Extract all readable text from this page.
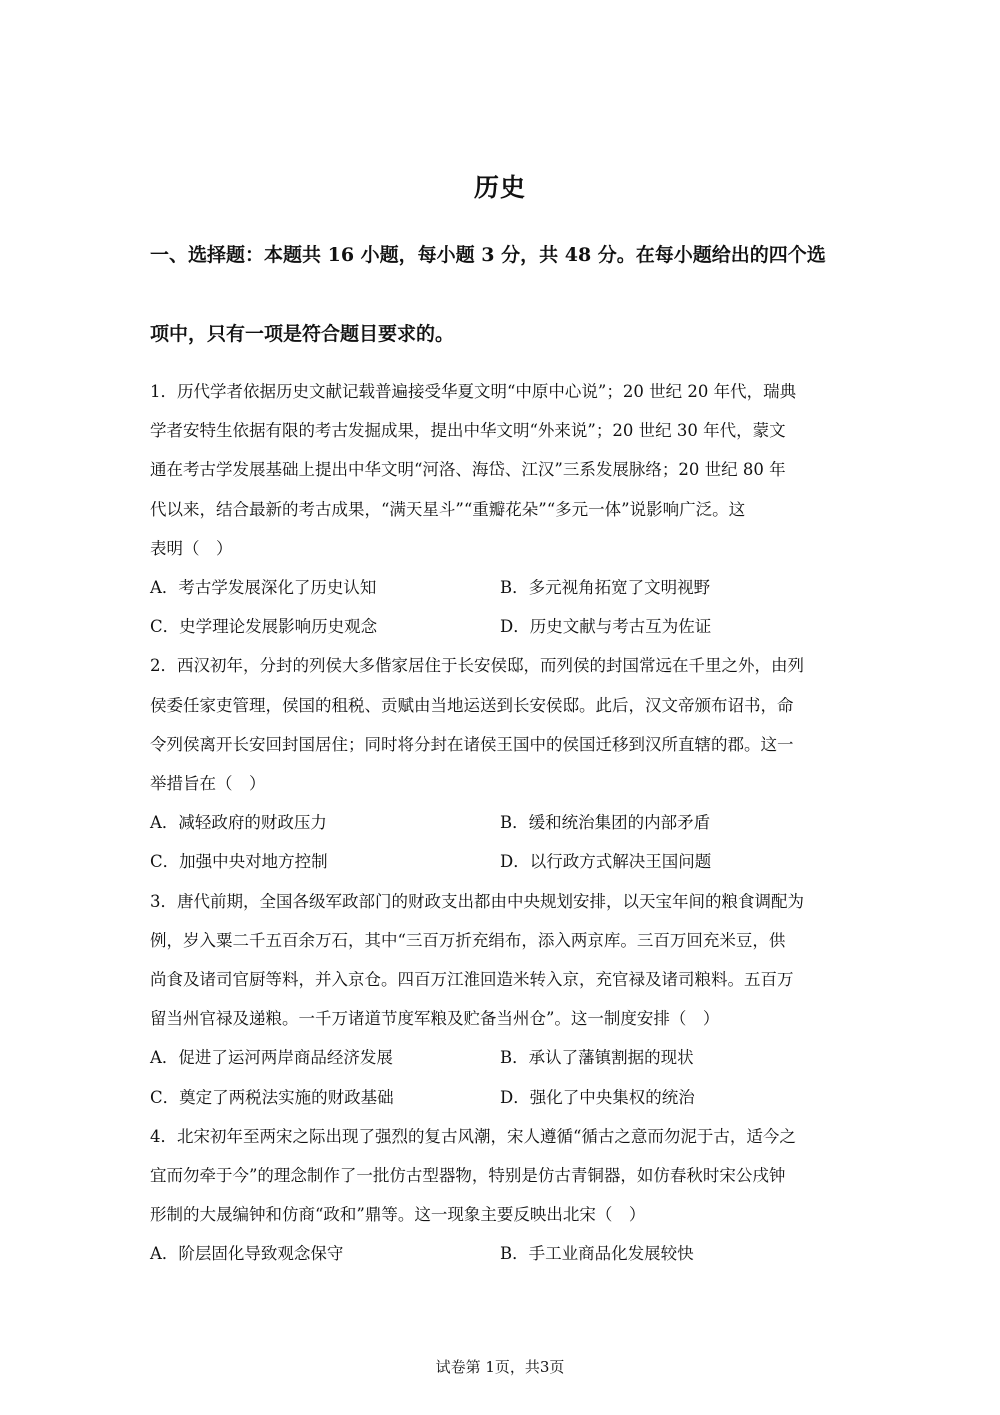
历史
一、选择题：本题共 16 小题，每小题 3 分，共 48 分。在每小题给出的四个选
项中，只有一项是符合题目要求的。
1．历代学者依据历史文献记载普遍接受华夏文明“中原中心说”；20 世纪 20 年代，瑞典
学者安特生依据有限的考古发掘成果，提出中华文明“外来说”；20 世纪 30 年代，蒙文
通在考古学发展基础上提出中华文明“河洛、海岱、江汉”三系发展脉络；20 世纪 80 年
代以来，结合最新的考古成果，“满天星斗”“重瓣花朵”“多元一体”说影响广泛。这
表明（　）
A．考古学发展深化了历史认知	B．多元视角拓宽了文明视野
C．史学理论发展影响历史观念	D．历史文献与考古互为佐证
2．西汉初年，分封的列侯大多偕家居住于长安侯邸，而列侯的封国常远在千里之外，由列
侯委任家吏管理，侯国的租税、贡赋由当地运送到长安侯邸。此后，汉文帝颁布诏书，命
令列侯离开长安回封国居住；同时将分封在诸侯王国中的侯国迁移到汉所直辖的郡。这一
举措旨在（　）
A．减轻政府的财政压力	B．缓和统治集团的内部矛盾
C．加强中央对地方控制	D．以行政方式解决王国问题
3．唐代前期，全国各级军政部门的财政支出都由中央规划安排，以天宝年间的粮食调配为
例，岁入粟二千五百余万石，其中“三百万折充绢布，添入两京库。三百万回充米豆，供
尚食及诸司官厨等料，并入京仓。四百万江淮回造米转入京，充官禄及诸司粮料。五百万
留当州官禄及递粮。一千万诸道节度军粮及贮备当州仓”。这一制度安排（　）
A．促进了运河两岸商品经济发展	B．承认了藩镇割据的现状
C．奠定了两税法实施的财政基础	D．强化了中央集权的统治
4．北宋初年至两宋之际出现了强烈的复古风潮，宋人遵循“循古之意而勿泥于古，适今之
宜而勿牵于今”的理念制作了一批仿古型器物，特别是仿古青铜器，如仿春秋时宋公戌钟
形制的大晟编钟和仿商“政和”鼎等。这一现象主要反映出北宋（　）
A．阶层固化导致观念保守	B．手工业商品化发展较快
试卷第 1页，共3页
